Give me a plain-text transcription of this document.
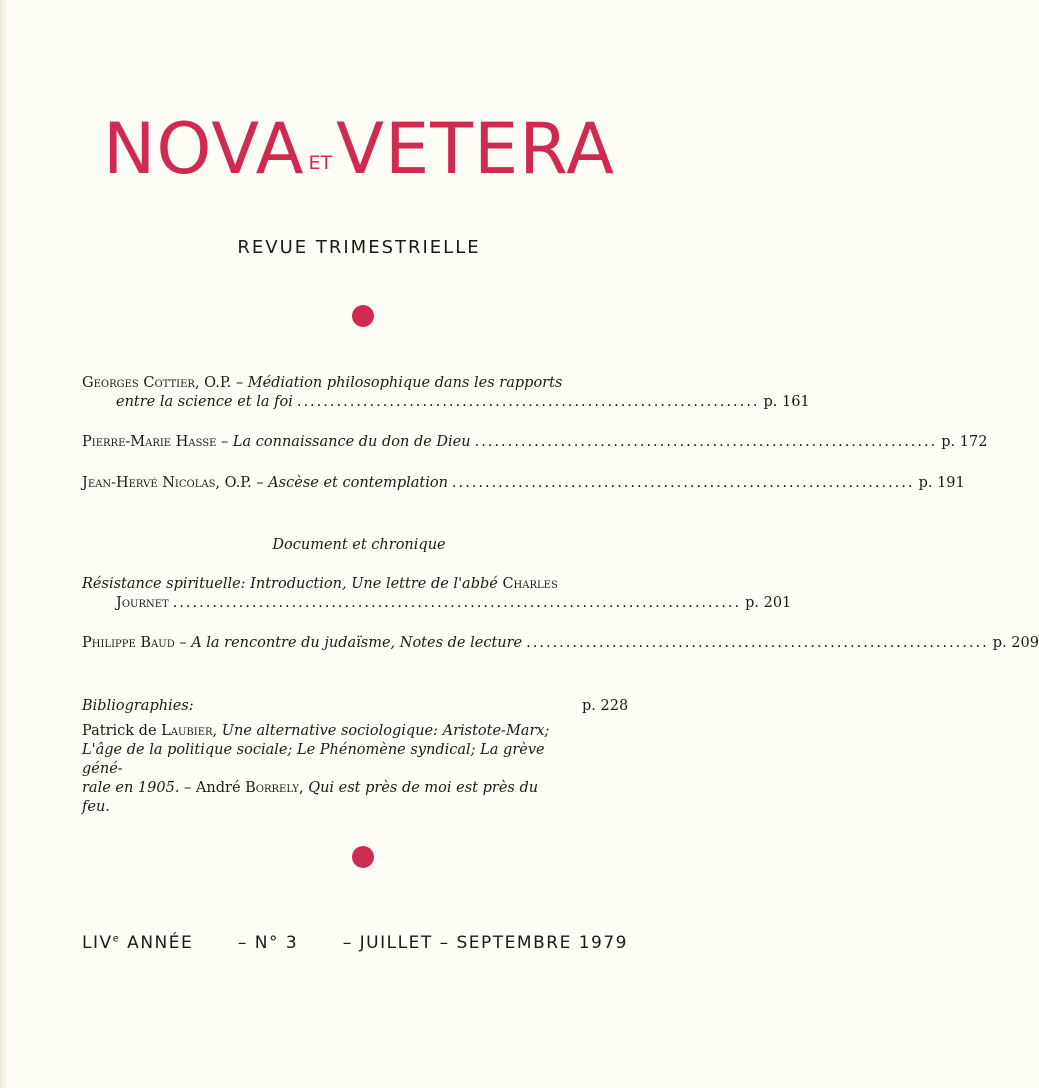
NOVA ETVETERA
REVUE TRIMESTRIELLE
Georges Cottier, O.P. – Médiation philosophique dans les rapports
entre la science et la foi ...................................................................... p. 161
Pierre-Marie Hasse – La connaissance du don de Dieu ...................................................................... p. 172
Jean-Hervé Nicolas, O.P. – Ascèse et contemplation ...................................................................... p. 191
Document et chronique
Résistance spirituelle: Introduction, Une lettre de l'abbé Charles
Journet ...................................................................................... p. 201
Philippe Baud – A la rencontre du judaïsme, Notes de lecture ...................................................................... p. 209
Bibliographies:	p. 228
Patrick de Laubier, Une alternative sociologique: Aristote-Marx;
L'âge de la politique sociale; Le Phénomène syndical; La grève géné-
rale en 1905. – André Borrely, Qui est près de moi est près du feu.
LIVe ANNÉE	– N° 3	– JUILLET – SEPTEMBRE 1979
